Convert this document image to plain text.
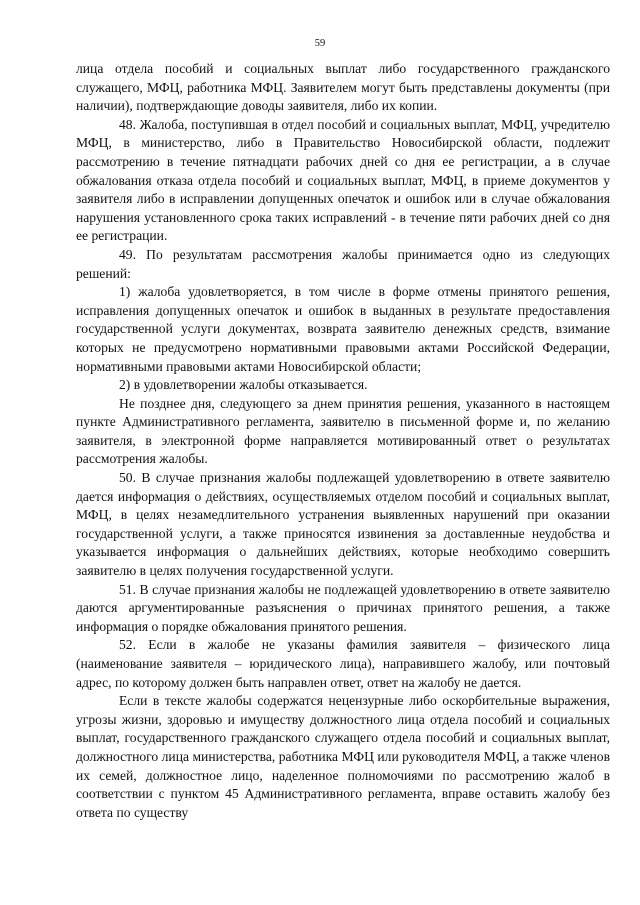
59

лица отдела пособий и социальных выплат либо государственного гражданского служащего, МФЦ, работника МФЦ. Заявителем могут быть представлены документы (при наличии), подтверждающие доводы заявителя, либо их копии.

48. Жалоба, поступившая в отдел пособий и социальных выплат, МФЦ, учредителю МФЦ, в министерство, либо в Правительство Новосибирской области, подлежит рассмотрению в течение пятнадцати рабочих дней со дня ее регистрации, а в случае обжалования отказа отдела пособий и социальных выплат, МФЦ, в приеме документов у заявителя либо в исправлении допущенных опечаток и ошибок или в случае обжалования нарушения установленного срока таких исправлений - в течение пяти рабочих дней со дня ее регистрации.

49. По результатам рассмотрения жалобы принимается одно из следующих решений:

1) жалоба удовлетворяется, в том числе в форме отмены принятого решения, исправления допущенных опечаток и ошибок в выданных в результате предоставления государственной услуги документах, возврата заявителю денежных средств, взимание которых не предусмотрено нормативными правовыми актами Российской Федерации, нормативными правовыми актами Новосибирской области;

2) в удовлетворении жалобы отказывается.

Не позднее дня, следующего за днем принятия решения, указанного в настоящем пункте Административного регламента, заявителю в письменной форме и, по желанию заявителя, в электронной форме направляется мотивированный ответ о результатах рассмотрения жалобы.

50. В случае признания жалобы подлежащей удовлетворению в ответе заявителю дается информация о действиях, осуществляемых отделом пособий и социальных выплат, МФЦ, в целях незамедлительного устранения выявленных нарушений при оказании государственной услуги, а также приносятся извинения за доставленные неудобства и указывается информация о дальнейших действиях, которые необходимо совершить заявителю в целях получения государственной услуги.

51. В случае признания жалобы не подлежащей удовлетворению в ответе заявителю даются аргументированные разъяснения о причинах принятого решения, а также информация о порядке обжалования принятого решения.

52. Если в жалобе не указаны фамилия заявителя – физического лица (наименование заявителя – юридического лица), направившего жалобу, или почтовый адрес, по которому должен быть направлен ответ, ответ на жалобу не дается.

Если в тексте жалобы содержатся нецензурные либо оскорбительные выражения, угрозы жизни, здоровью и имуществу должностного лица отдела пособий и социальных выплат, государственного гражданского служащего отдела пособий и социальных выплат, должностного лица министерства, работника МФЦ или руководителя МФЦ, а также членов их семей, должностное лицо, наделенное полномочиями по рассмотрению жалоб в соответствии с пунктом 45 Административного регламента, вправе оставить жалобу без ответа по существу
